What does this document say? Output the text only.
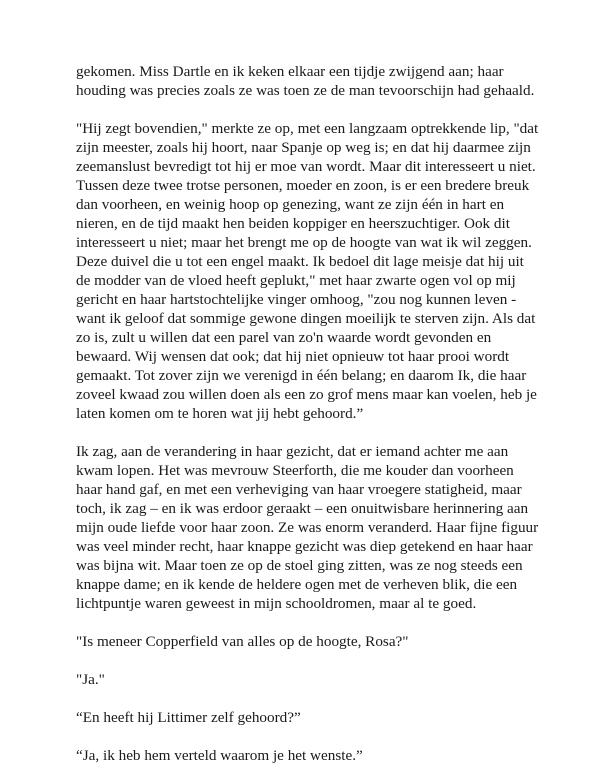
gekomen. Miss Dartle en ik keken elkaar een tijdje zwijgend aan; haar
houding was precies zoals ze was toen ze de man tevoorschijn had gehaald.

"Hij zegt bovendien," merkte ze op, met een langzaam optrekkende lip, "dat
zijn meester, zoals hij hoort, naar Spanje op weg is; en dat hij daarmee zijn
zeemanslust bevredigt tot hij er moe van wordt. Maar dit interesseert u niet.
Tussen deze twee trotse personen, moeder en zoon, is er een bredere breuk
dan voorheen, en weinig hoop op genezing, want ze zijn één in hart en
nieren, en de tijd maakt hen beiden koppiger en heerszuchtiger. Ook dit
interesseert u niet; maar het brengt me op de hoogte van wat ik wil zeggen.
Deze duivel die u tot een engel maakt. Ik bedoel dit lage meisje dat hij uit
de modder van de vloed heeft geplukt," met haar zwarte ogen vol op mij
gericht en haar hartstochtelijke vinger omhoog, "zou nog kunnen leven -
want ik geloof dat sommige gewone dingen moeilijk te sterven zijn. Als dat
zo is, zult u willen dat een parel van zo'n waarde wordt gevonden en
bewaard. Wij wensen dat ook; dat hij niet opnieuw tot haar prooi wordt
gemaakt. Tot zover zijn we verenigd in één belang; en daarom Ik, die haar
zoveel kwaad zou willen doen als een zo grof mens maar kan voelen, heb je
laten komen om te horen wat jij hebt gehoord.”

Ik zag, aan de verandering in haar gezicht, dat er iemand achter me aan
kwam lopen. Het was mevrouw Steerforth, die me kouder dan voorheen
haar hand gaf, en met een verheviging van haar vroegere statigheid, maar
toch, ik zag – en ik was erdoor geraakt – een onuitwisbare herinnering aan
mijn oude liefde voor haar zoon. Ze was enorm veranderd. Haar fijne figuur
was veel minder recht, haar knappe gezicht was diep getekend en haar haar
was bijna wit. Maar toen ze op de stoel ging zitten, was ze nog steeds een
knappe dame; en ik kende de heldere ogen met de verheven blik, die een
lichtpuntje waren geweest in mijn schooldromen, maar al te goed.

"Is meneer Copperfield van alles op de hoogte, Rosa?"

"Ja."

“En heeft hij Littimer zelf gehoord?”

“Ja, ik heb hem verteld waarom je het wenste.”
